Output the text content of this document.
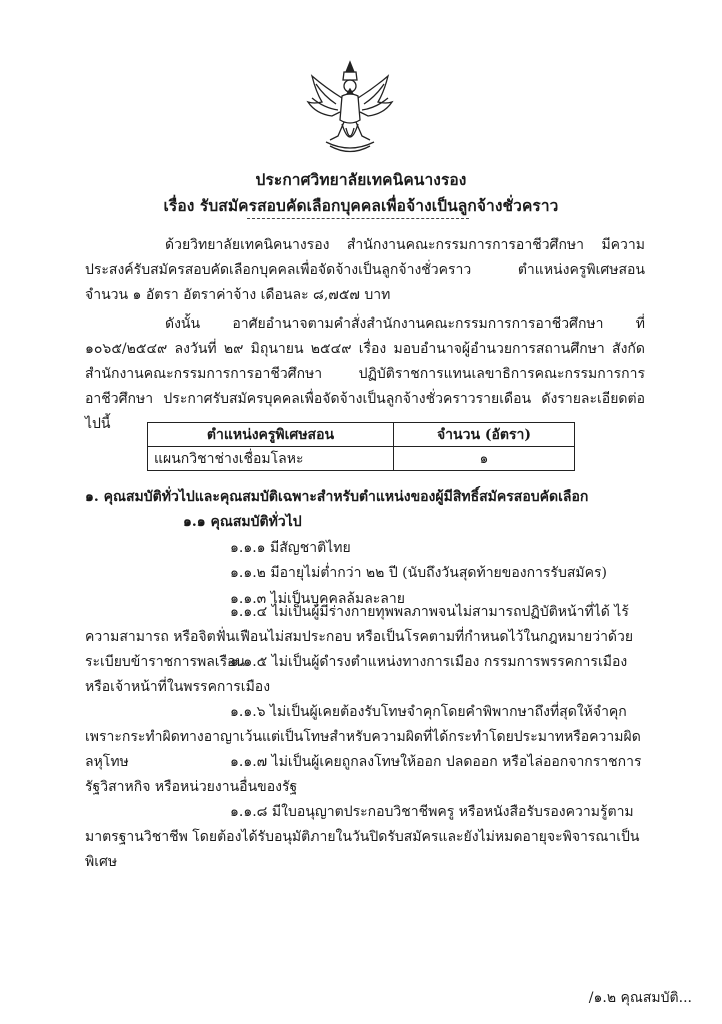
ประกาศวิทยาลัยเทคนิคนางรอง
เรื่อง รับสมัครสอบคัดเลือกบุคคลเพื่อจ้างเป็นลูกจ้างชั่วคราว

ด้วยวิทยาลัยเทคนิคนางรอง สำนักงานคณะกรรมการการอาชีวศึกษา มีความประสงค์รับสมัครสอบคัดเลือกบุคคลเพื่อจัดจ้างเป็นลูกจ้างชั่วคราว ตำแหน่งครูพิเศษสอน จำนวน ๑ อัตรา อัตราค่าจ้าง เดือนละ ๘,๗๕๗ บาท

ดังนั้น อาศัยอำนาจตามคำสั่งสำนักงานคณะกรรมการการอาชีวศึกษา ที่ ๑๐๖๕/๒๕๔๙ ลงวันที่ ๒๙ มิถุนายน ๒๕๔๙ เรื่อง มอบอำนาจผู้อำนวยการสถานศึกษา สังกัดสำนักงานคณะกรรมการการอาชีวศึกษา ปฏิบัติราชการแทนเลขาธิการคณะกรรมการการอาชีวศึกษา ประกาศรับสมัครบุคคลเพื่อจัดจ้างเป็นลูกจ้างชั่วคราวรายเดือน ดังรายละเอียดต่อไปนี้

ตำแหน่งครูพิเศษสอน	จำนวน (อัตรา)
แผนกวิชาช่างเชื่อมโลหะ	๑
๑. คุณสมบัติทั่วไปและคุณสมบัติเฉพาะสำหรับตำแหน่งของผู้มีสิทธิ์สมัครสอบคัดเลือก
๑.๑ คุณสมบัติทั่วไป
๑.๑.๑ มีสัญชาติไทย
๑.๑.๒ มีอายุไม่ต่ำกว่า ๒๒ ปี (นับถึงวันสุดท้ายของการรับสมัคร)
๑.๑.๓ ไม่เป็นบุคคลล้มละลาย

๑.๑.๔ ไม่เป็นผู้มีร่างกายทุพพลภาพจนไม่สามารถปฏิบัติหน้าที่ได้ ไร้ความสามารถ หรือจิตฟั่นเฟือนไม่สมประกอบ หรือเป็นโรคตามที่กำหนดไว้ในกฎหมายว่าด้วยระเบียบข้าราชการพลเรือน

๑.๑.๕ ไม่เป็นผู้ดำรงตำแหน่งทางการเมือง กรรมการพรรคการเมือง หรือเจ้าหน้าที่ในพรรคการเมือง

๑.๑.๖ ไม่เป็นผู้เคยต้องรับโทษจำคุกโดยคำพิพากษาถึงที่สุดให้จำคุกเพราะกระทำผิดทางอาญาเว้นแต่เป็นโทษสำหรับความผิดที่ได้กระทำโดยประมาทหรือความผิดลหุโทษ	๑.๑.๗ ไม่เป็นผู้เคยถูกลงโทษให้ออก ปลดออก หรือไล่ออกจากราชการ รัฐวิสาหกิจ หรือหน่วยงานอื่นของรัฐ

๑.๑.๘ มีใบอนุญาตประกอบวิชาชีพครู หรือหนังสือรับรองความรู้ตามมาตรฐานวิชาชีพ โดยต้องได้รับอนุมัติภายในวันปิดรับสมัครและยังไม่หมดอายุจะพิจารณาเป็นพิเศษ

/๑.๒ คุณสมบัติ...
